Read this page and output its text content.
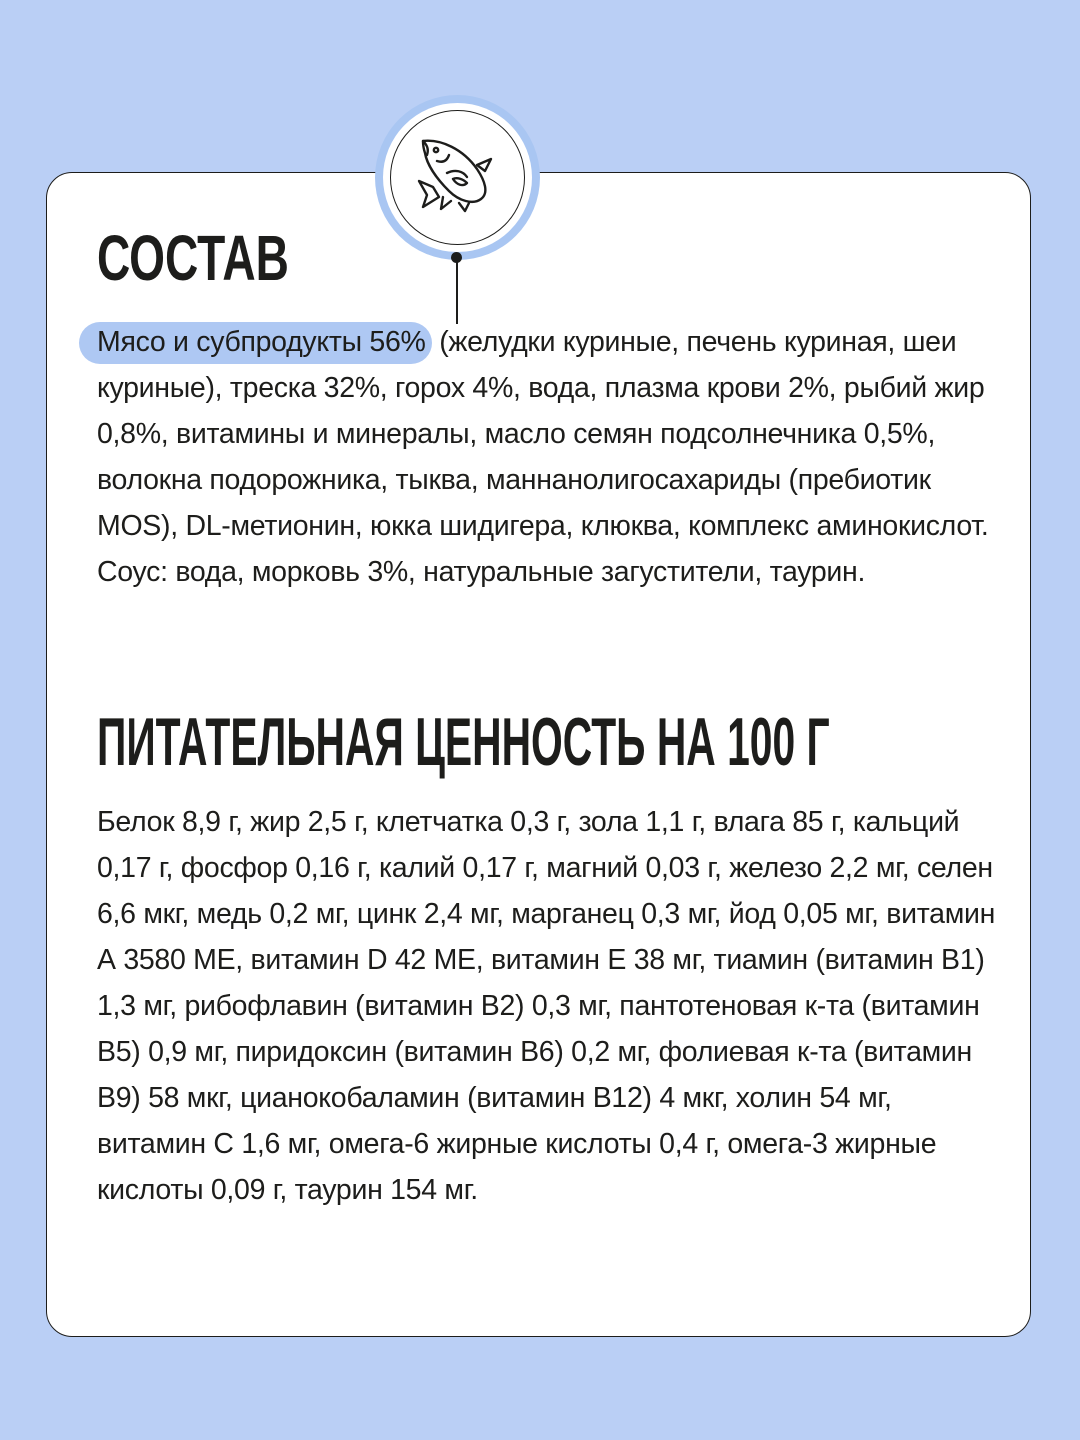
СОСТАВ

Мясо и субпродукты 56% (желудки куриные, печень куриная, шеи куриные), треска 32%, горох 4%, вода, плазма крови 2%, рыбий жир 0,8%, витамины и минералы, масло семян подсолнечника 0,5%, волокна подорожника, тыква, маннанолигосахариды (пребиотик MOS), DL-метионин, юкка шидигера, клюква, комплекс аминокислот. Соус: вода, морковь 3%, натуральные загустители, таурин.

ПИТАТЕЛЬНАЯ ЦЕННОСТЬ НА 100 Г

Белок 8,9 г, жир 2,5 г, клетчатка 0,3 г, зола 1,1 г, влага 85 г, кальций 0,17 г, фосфор 0,16 г, калий 0,17 г, магний 0,03 г, железо 2,2 мг, селен 6,6 мкг, медь 0,2 мг, цинк 2,4 мг, марганец 0,3 мг, йод 0,05 мг, витамин А 3580 МЕ, витамин D 42 МЕ, витамин Е 38 мг, тиамин (витамин В1) 1,3 мг, рибофлавин (витамин В2) 0,3 мг, пантотеновая к-та (витамин В5) 0,9 мг, пиридоксин (витамин В6) 0,2 мг, фолиевая к-та (витамин В9) 58 мкг, цианокобаламин (витамин В12) 4 мкг, холин 54 мг, витамин С 1,6 мг, омега-6 жирные кислоты 0,4 г, омега-3 жирные кислоты 0,09 г, таурин 154 мг.
